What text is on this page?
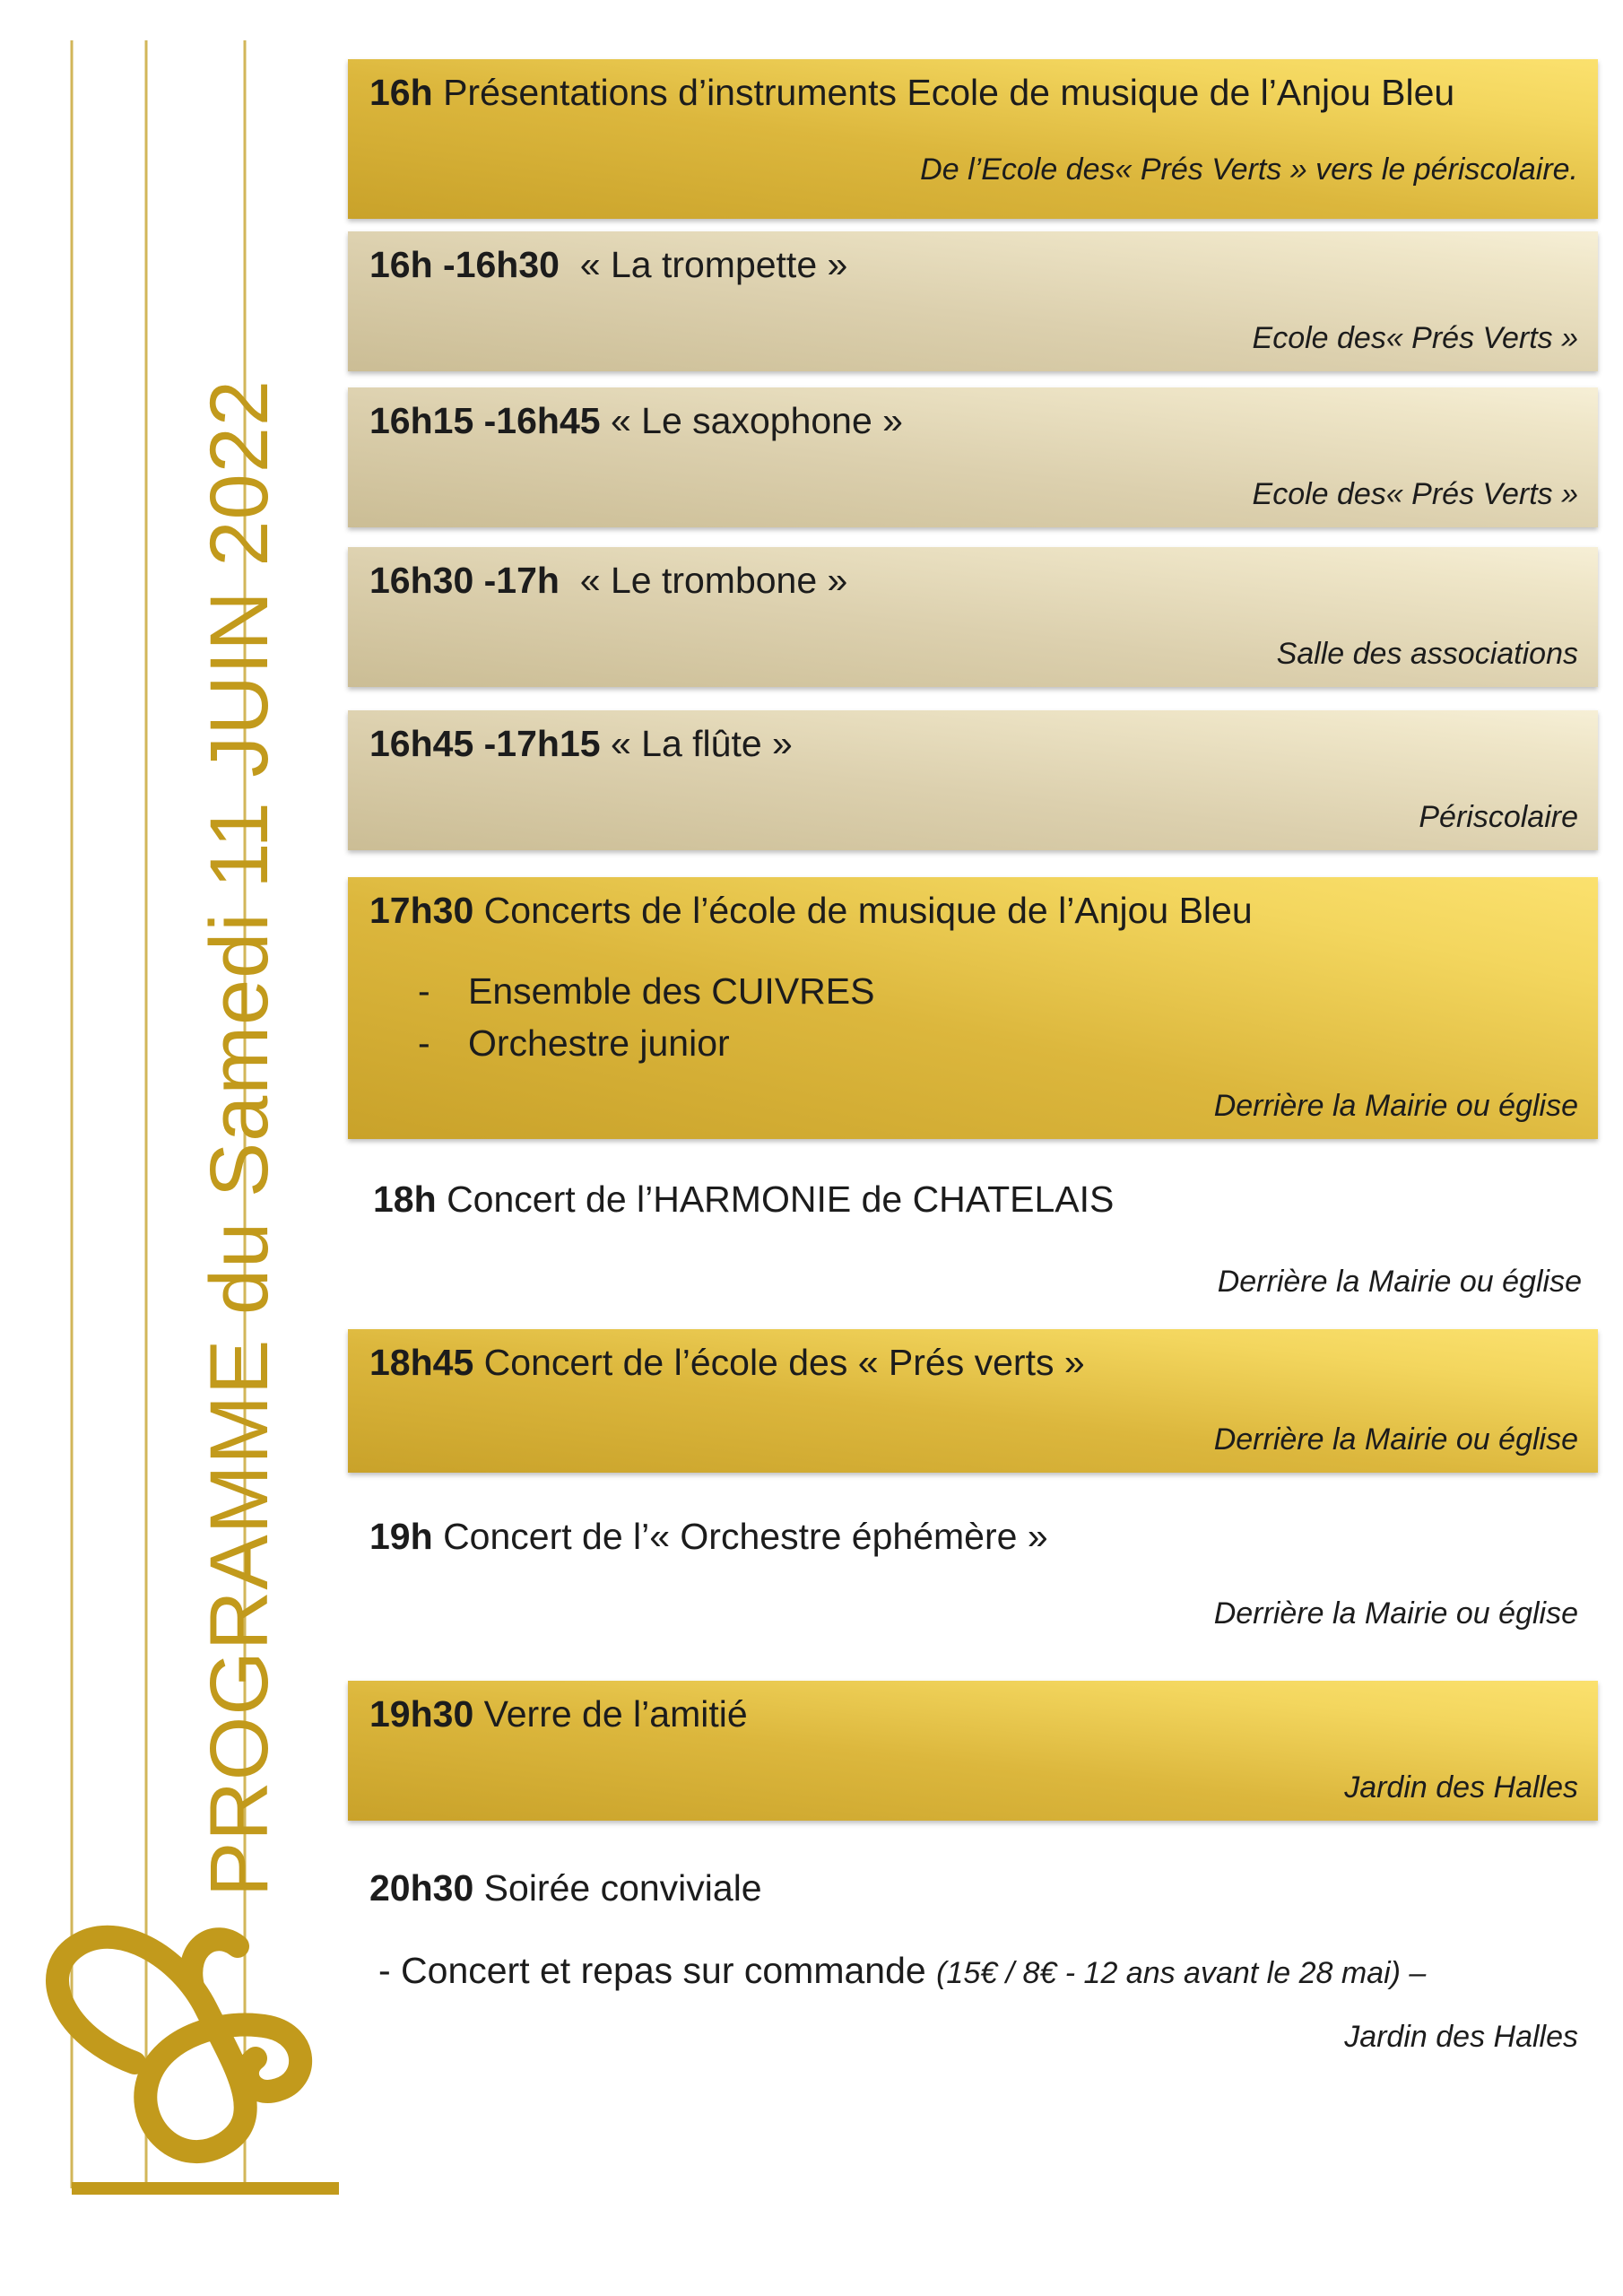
PROGRAMME du Samedi 11 JUIN 2022
16h Présentations d’instruments Ecole de musique de l’Anjou Bleu
De l’Ecole des« Prés Verts » vers le périscolaire.
16h -16h30 « La trompette »
Ecole des« Prés Verts »
16h15 -16h45 « Le saxophone »
Ecole des« Prés Verts »
16h30 -17h « Le trombone »
Salle des associations
16h45 -17h15 « La flûte »
Périscolaire
17h30 Concerts de l’école de musique de l’Anjou Bleu
- Ensemble des CUIVRES
- Orchestre junior
Derrière la Mairie ou église
18h Concert de l’HARMONIE de CHATELAIS
Derrière la Mairie ou église
18h45 Concert de l’école des « Prés verts »
Derrière la Mairie ou église
19h Concert de l’« Orchestre éphémère »
Derrière la Mairie ou église
19h30 Verre de l’amitié
Jardin des Halles
20h30 Soirée conviviale
- Concert et repas sur commande (15€ / 8€ - 12 ans avant le 28 mai) –
Jardin des Halles
